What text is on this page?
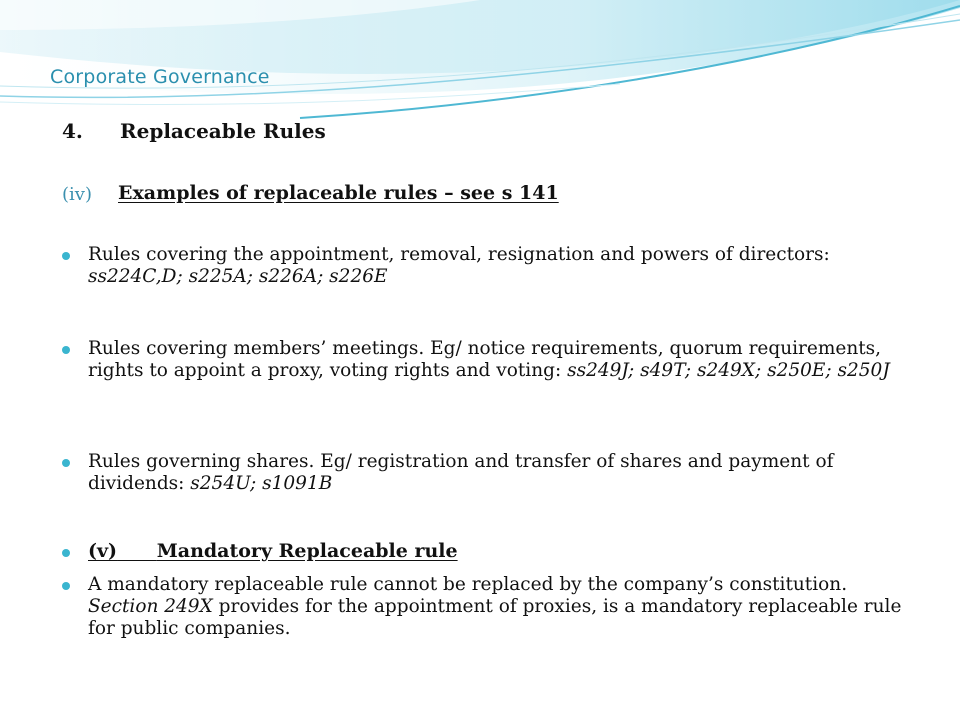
Corporate Governance
4. Replaceable Rules
(iv) Examples of replaceable rules – see s 141
Rules covering the appointment, removal, resignation and powers of directors: ss224C,D; s225A; s226A; s226E
Rules covering members’ meetings. Eg/ notice requirements, quorum requirements, rights to appoint a proxy, voting rights and voting: ss249J; s49T; s249X; s250E; s250J
Rules governing shares. Eg/ registration and transfer of shares and payment of dividends: s254U; s1091B
(v) Mandatory Replaceable rule
A mandatory replaceable rule cannot be replaced by the company’s constitution. Section 249X provides for the appointment of proxies, is a mandatory replaceable rule for public companies.
